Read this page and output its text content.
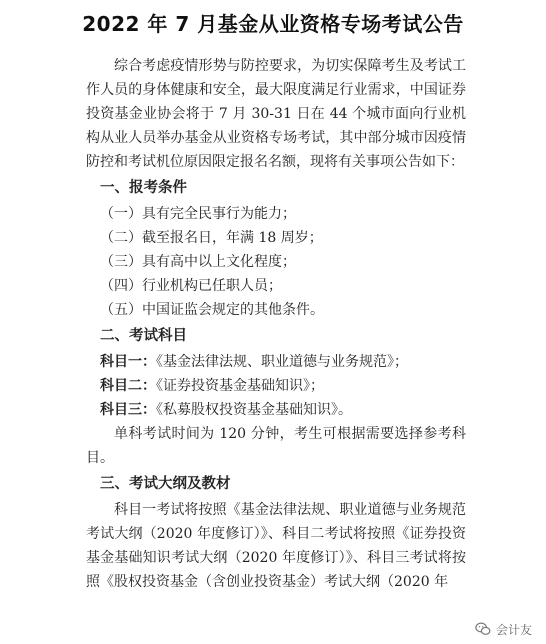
2022 年 7 月基金从业资格专场考试公告

综合考虑疫情形势与防控要求，为切实保障考生及考试工作人员的身体健康和安全，最大限度满足行业需求，中国证券投资基金业协会将于 7 月 30-31 日在 44 个城市面向行业机构从业人员举办基金从业资格专场考试，其中部分城市因疫情防控和考试机位原因限定报名名额，现将有关事项公告如下：

一、报考条件
（一）具有完全民事行为能力；
（二）截至报名日，年满 18 周岁；
（三）具有高中以上文化程度；
（四）行业机构已任职人员；
（五）中国证监会规定的其他条件。
二、考试科目
科目一：《基金法律法规、职业道德与业务规范》；
科目二：《证券投资基金基础知识》；
科目三：《私募股权投资基金基础知识》。

单科考试时间为 120 分钟，考生可根据需要选择参考科目。

三、考试大纲及教材

科目一考试将按照《基金法律法规、职业道德与业务规范考试大纲（2020 年度修订）》、科目二考试将按照《证券投资基金基础知识考试大纲（2020 年度修订）》、科目三考试将按照《股权投资基金（含创业投资基金）考试大纲（2020 年

会计友
